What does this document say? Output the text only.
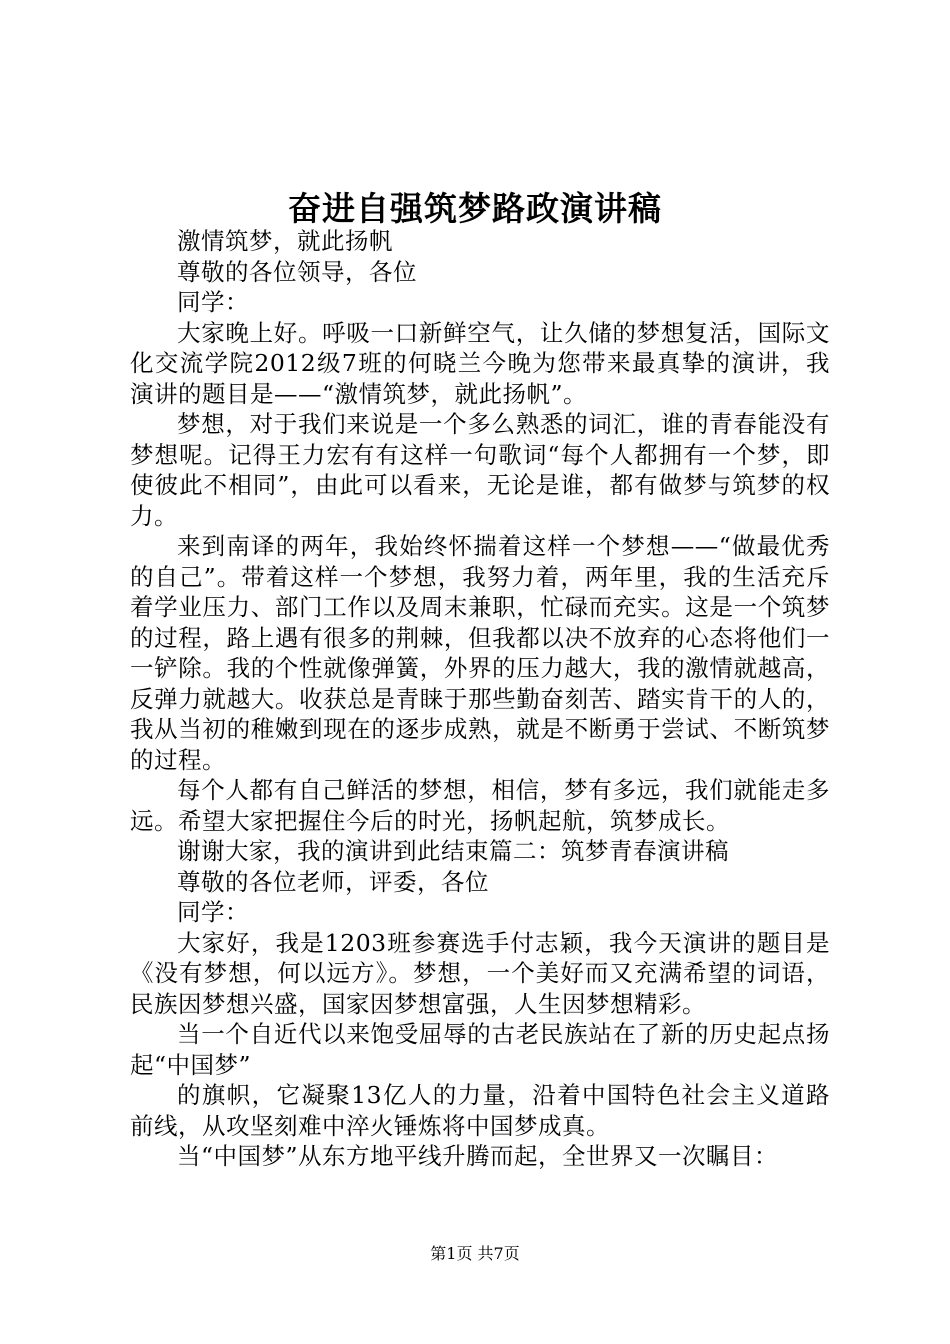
奋进自强筑梦路政演讲稿

激情筑梦，就此扬帆

尊敬的各位领导，各位

同学：

大家晚上好。呼吸一口新鲜空气，让久储的梦想复活，国际文化交流学院2012级7班的何晓兰今晚为您带来最真挚的演讲，我演讲的题目是——“激情筑梦，就此扬帆”。

梦想，对于我们来说是一个多么熟悉的词汇，谁的青春能没有梦想呢。记得王力宏有有这样一句歌词“每个人都拥有一个梦，即使彼此不相同”，由此可以看来，无论是谁，都有做梦与筑梦的权力。

来到南译的两年，我始终怀揣着这样一个梦想——“做最优秀的自己”。带着这样一个梦想，我努力着，两年里，我的生活充斥着学业压力、部门工作以及周末兼职，忙碌而充实。这是一个筑梦的过程，路上遇有很多的荆棘，但我都以决不放弃的心态将他们一一铲除。我的个性就像弹簧，外界的压力越大，我的激情就越高，反弹力就越大。收获总是青睐于那些勤奋刻苦、踏实肯干的人的，我从当初的稚嫩到现在的逐步成熟，就是不断勇于尝试、不断筑梦的过程。

每个人都有自己鲜活的梦想，相信，梦有多远，我们就能走多远。希望大家把握住今后的时光，扬帆起航，筑梦成长。

谢谢大家，我的演讲到此结束篇二：筑梦青春演讲稿

尊敬的各位老师，评委，各位

同学：

大家好，我是1203班参赛选手付志颖，我今天演讲的题目是《没有梦想，何以远方》。梦想，一个美好而又充满希望的词语，民族因梦想兴盛，国家因梦想富强，人生因梦想精彩。

当一个自近代以来饱受屈辱的古老民族站在了新的历史起点扬起“中国梦”

的旗帜，它凝聚13亿人的力量，沿着中国特色社会主义道路前线，从攻坚刻难中淬火锤炼将中国梦成真。

当“中国梦”从东方地平线升腾而起，全世界又一次瞩目：

第1页 共7页
